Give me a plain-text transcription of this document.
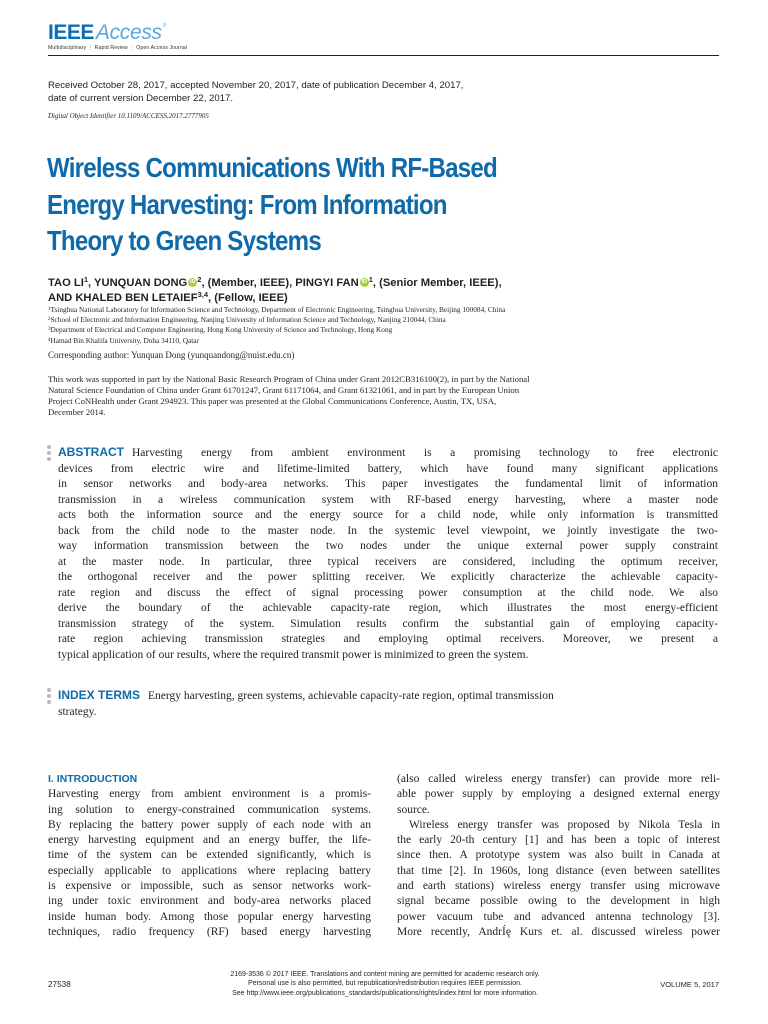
IEEE Access ®
Multidisciplinary ⋮ Rapid Review ⋮ Open Access Journal
Received October 28, 2017, accepted November 20, 2017, date of publication December 4, 2017,
date of current version December 22, 2017.
Digital Object Identifier 10.1109/ACCESS.2017.2777905
Wireless Communications With RF-Based
Energy Harvesting: From Information
Theory to Green Systems
TAO $LI^1$, YUNQUAN DONG iD $^2$, (Member, IEEE), PINGYI FAN iD $^1$, (Senior Member, IEEE),
AND KHALED BEN LETAIEF$^{3,4}$, (Fellow, IEEE)
$^1$Tsinghua National Laboratory for Information Science and Technology, Department of Electronic Engineering, Tsinghua University, Beijing 100084, China
$^2$School of Electronic and Information Engineering, Nanjing University of Information Science and Technology, Nanjing 210044, China
$^3$Department of Electrical and Computer Engineering, Hong Kong University of Science and Technology, Hong Kong
$^4$Hamad Bin Khalifa University, Doha 34110, Qatar
Corresponding author: Yunquan Dong (yunquandong@nuist.edu.cn)
This work was supported in part by the National Basic Research Program of China under Grant 2012CB316100(2), in part by the National
Natural Science Foundation of China under Grant 61701247, Grant 61171064, and Grant 61321061, and in part by the European Union
Project CoNHealth under Grant 294923. This paper was presented at the Global Communications Conference, Austin, TX, USA,
December 2014.
ABSTRACT Harvesting energy from ambient environment is a promising technology to free electronic
devices from electric wire and lifetime-limited battery, which have found many significant applications
in sensor networks and body-area networks. This paper investigates the fundamental limit of information
transmission in a wireless communication system with RF-based energy harvesting, where a master node
acts both the information source and the energy source for a child node, while only information is transmitted
back from the child node to the master node. In the systemic level viewpoint, we jointly investigate the two-
way information transmission between the two nodes under the unique external power supply constraint
at the master node. In particular, three typical receivers are considered, including the optimum receiver,
the orthogonal receiver and the power splitting receiver. We explicitly characterize the achievable capacity-
rate region and discuss the effect of signal processing power consumption at the child node. We also
derive the boundary of the achievable capacity-rate region, which illustrates the most energy-efficient
transmission strategy of the system. Simulation results confirm the substantial gain of employing capacity-
rate region achieving transmission strategies and employing optimal receivers. Moreover, we present a
typical application of our results, where the required transmit power is minimized to green the system.
INDEX TERMS Energy harvesting, green systems, achievable capacity-rate region, optimal transmission
strategy.
I. INTRODUCTION
Harvesting energy from ambient environment is a promis-
ing solution to energy-constrained communication systems.
By replacing the battery power supply of each node with an
energy harvesting equipment and an energy buffer, the life-
time of the system can be extended significantly, which is
especially applicable to applications where replacing battery
is expensive or impossible, such as sensor networks work-
ing under toxic environment and body-area networks placed
inside human body. Among those popular energy harvesting
techniques, radio frequency (RF) based energy harvesting
(also called wireless energy transfer) can provide more reli-
able power supply by employing a designed external energy
source.
Wireless energy transfer was proposed by Nikola Tesla in
the early 20-th century [1] and has been a topic of interest
since then. A prototype system was also built in Canada at
that time [2]. In 1960s, long distance (even between satellites
and earth stations) wireless energy transfer using microwave
signal became possible owing to the development in high
power vacuum tube and advanced antenna technology [3].
More recently, AndrÍę Kurs et. al. discussed wireless power
27538
2169-3536 © 2017 IEEE. Translations and content mining are permitted for academic research only.
Personal use is also permitted, but republication/redistribution requires IEEE permission.
See http://www.ieee.org/publications_standards/publications/rights/index.html for more information.
VOLUME 5, 2017
